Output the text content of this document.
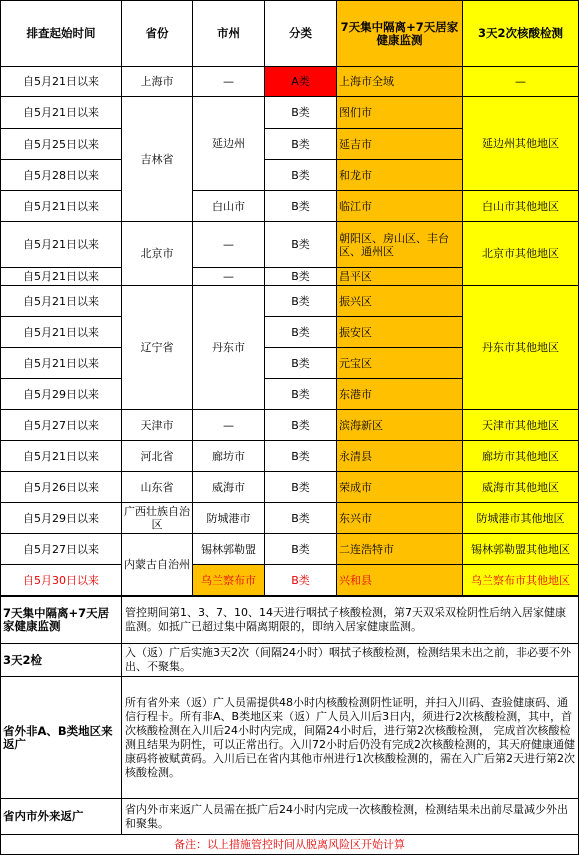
排查起始时间	省份	市州	分类	7天集中隔离+7天居家健康监测	3天2次核酸检测
自5月21日以来	上海市	—	A类	上海市全域	—
自5月21日以来	吉林省	延边州	B类	图们市	延边州其他地区
自5月25日以来			B类	延吉市	
自5月28日以来			B类	和龙市	
自5月21日以来		白山市	B类	临江市	白山市其他地区
自5月21日以来	北京市	—	B类	朝阳区、房山区、丰台区、通州区	北京市其他地区
自5月21日以来		—	B类	昌平区	
自5月21日以来	辽宁省	丹东市	B类	振兴区	丹东市其他地区
自5月21日以来			B类	振安区	
自5月21日以来			B类	元宝区	
自5月29日以来			B类	东港市	
自5月27日以来	天津市	—	B类	滨海新区	天津市其他地区
自5月21日以来	河北省	廊坊市	B类	永清县	廊坊市其他地区
自5月26日以来	山东省	威海市	B类	荣成市	威海市其他地区
自5月29日以来	广西壮族自治区	防城港市	B类	东兴市	防城港市其他地区
自5月27日以来	内蒙古自治州	锡林郭勒盟	B类	二连浩特市	锡林郭勒盟其他地区
自5月30日以来		乌兰察布市	B类	兴和县	乌兰察布市其他地区
7天集中隔离+7天居家健康监测	管控期间第1、3、7、10、14天进行咽拭子核酸检测，第7天双采双检阴性后纳入居家健康监测。如抵广已超过集中隔离期限的，即纳入居家健康监测。
3天2检	入（返）广后实施3天2次（间隔24小时）咽拭子核酸检测，检测结果未出之前，非必要不外出、不聚集。
省外非A、B类地区来返广	所有省外来（返）广人员需提供48小时内核酸检测阴性证明，并扫入川码、查验健康码、通信行程卡。所有非A、B类地区来（返）广人员入川后3日内，须进行2次核酸检测，其中，首次核酸检测在入川后24小时内完成，间隔24小时后，进行第2次核酸检测， 完成首次核酸检测且结果为阴性，可以正常出行。入川72小时后仍没有完成2次核酸检测的，其天府健康通健康码将被赋黄码。入川后已在省内其他市州进行1次核酸检测的，需在入广后第2天进行第2次核酸检测。
省内市外来返广	省内外市来返广人员需在抵广后24小时内完成一次核酸检测，检测结果未出前尽量减少外出和聚集。
备注：以上措施管控时间从脱离风险区开始计算	
